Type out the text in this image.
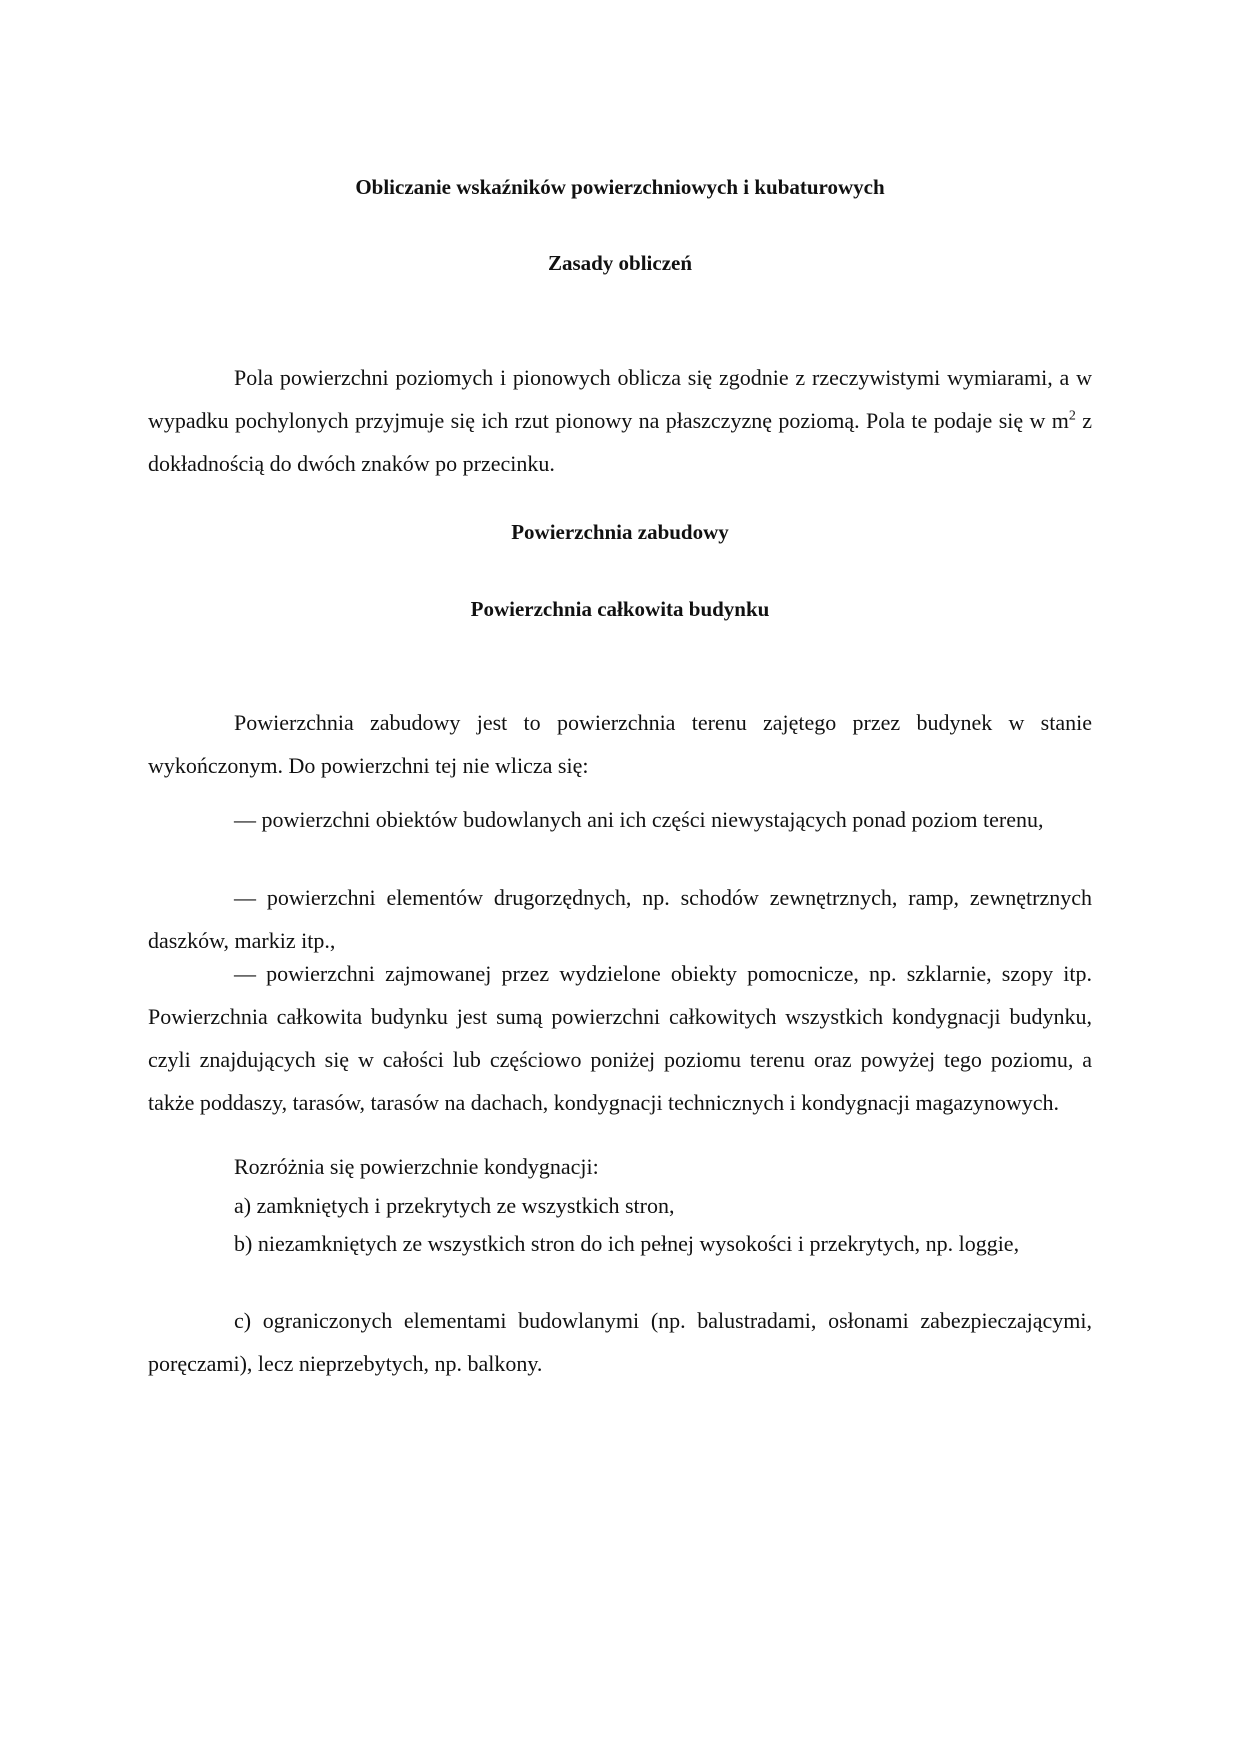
Obliczanie wskaźników powierzchniowych i kubaturowych

Zasady obliczeń

Pola powierzchni poziomych i pionowych oblicza się zgodnie z rzeczywistymi wymiarami, a w wypadku pochylonych przyjmuje się ich rzut pionowy na płaszczyznę poziomą. Pola te podaje się w $m^2$ z dokładnością do dwóch znaków po przecinku.

Powierzchnia zabudowy

Powierzchnia całkowita budynku

Powierzchnia zabudowy jest to powierzchnia terenu zajętego przez budynek w stanie wykończonym. Do powierzchni tej nie wlicza się:

— powierzchni obiektów budowlanych ani ich części niewystających ponad poziom terenu,

— powierzchni elementów drugorzędnych, np. schodów zewnętrznych, ramp, zewnętrznych daszków, markiz itp.,

— powierzchni zajmowanej przez wydzielone obiekty pomocnicze, np. szklarnie, szopy itp. Powierzchnia całkowita budynku jest sumą powierzchni całkowitych wszystkich kondygnacji budynku, czyli znajdujących się w całości lub częściowo poniżej poziomu terenu oraz powyżej tego poziomu, a także poddaszy, tarasów, tarasów na dachach, kondygnacji technicznych i kondygnacji magazynowych.

Rozróżnia się powierzchnie kondygnacji:

a) zamkniętych i przekrytych ze wszystkich stron,

b) niezamkniętych ze wszystkich stron do ich pełnej wysokości i przekrytych, np. loggie,

c) ograniczonych elementami budowlanymi (np. balustradami, osłonami zabezpieczającymi, poręczami), lecz nieprzebytych, np. balkony.
